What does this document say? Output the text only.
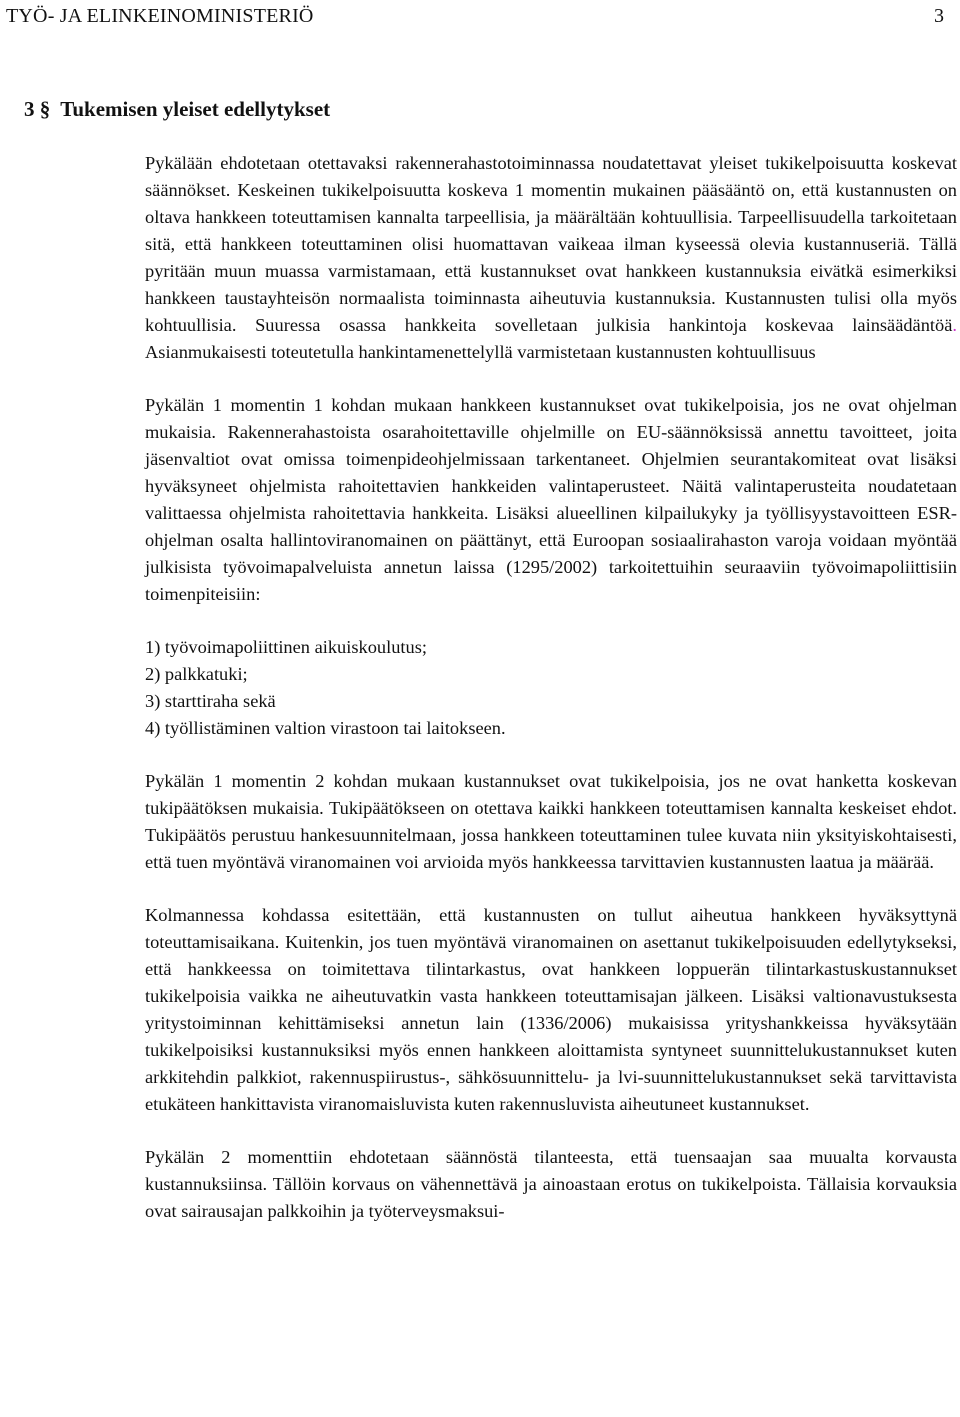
TYÖ- JA ELINKEINOMINISTERIÖ	3
3 § Tukemisen yleiset edellytykset

Pykälään ehdotetaan otettavaksi rakennerahastotoiminnassa noudatettavat yleiset tukikelpoisuutta koskevat säännökset. Keskeinen tukikelpoisuutta koskeva 1 momentin mukainen pääsääntö on, että kustannusten on oltava hankkeen toteuttamisen kannalta tarpeellisia, ja määrältään kohtuullisia. Tarpeellisuudella tarkoitetaan sitä, että hankkeen toteuttaminen olisi huomattavan vaikeaa ilman kyseessä olevia kustannuseriä. Tällä pyritään muun muassa varmistamaan, että kustannukset ovat hankkeen kustannuksia eivätkä esimerkiksi hankkeen taustayhteisön normaalista toiminnasta aiheutuvia kustannuksia. Kustannusten tulisi olla myös kohtuullisia. Suuressa osassa hankkeita sovelletaan julkisia hankintoja koskevaa lainsäädäntöä. Asianmukaisesti toteutetulla hankintamenettelyllä varmistetaan kustannusten kohtuullisuus

Pykälän 1 momentin 1 kohdan mukaan hankkeen kustannukset ovat tukikelpoisia, jos ne ovat ohjelman mukaisia. Rakennerahastoista osarahoitettaville ohjelmille on EU-säännöksissä annettu tavoitteet, joita jäsenvaltiot ovat omissa toimenpideohjelmissaan tarkentaneet. Ohjelmien seurantakomiteat ovat lisäksi hyväksyneet ohjelmista rahoitettavien hankkeiden valintaperusteet. Näitä valintaperusteita noudatetaan valittaessa ohjelmista rahoitettavia hankkeita. Lisäksi alueellinen kilpailukyky ja työllisyystavoitteen ESR-ohjelman osalta hallintoviranomainen on päättänyt, että Euroopan sosiaalirahaston varoja voidaan myöntää julkisista työvoimapalveluista annetun laissa (1295/2002) tarkoitettuihin seuraaviin työvoimapoliittisiin toimenpiteisiin:

1) työvoimapoliittinen aikuiskoulutus;
2) palkkatuki;
3) starttiraha sekä
4) työllistäminen valtion virastoon tai laitokseen.

Pykälän 1 momentin 2 kohdan mukaan kustannukset ovat tukikelpoisia, jos ne ovat hanketta koskevan tukipäätöksen mukaisia. Tukipäätökseen on otettava kaikki hankkeen toteuttamisen kannalta keskeiset ehdot. Tukipäätös perustuu hankesuunnitelmaan, jossa hankkeen toteuttaminen tulee kuvata niin yksityiskohtaisesti, että tuen myöntävä viranomainen voi arvioida myös hankkeessa tarvittavien kustannusten laatua ja määrää.

Kolmannessa kohdassa esitettään, että kustannusten on tullut aiheutua hankkeen hyväksyttynä toteuttamisaikana. Kuitenkin, jos tuen myöntävä viranomainen on asettanut tukikelpoisuuden edellytykseksi, että hankkeessa on toimitettava tilintarkastus, ovat hankkeen loppuerän tilintarkastuskustannukset tukikelpoisia vaikka ne aiheutuvatkin vasta hankkeen toteuttamisajan jälkeen. Lisäksi valtionavustuksesta yritystoiminnan kehittämiseksi annetun lain (1336/2006) mukaisissa yrityshankkeissa hyväksytään tukikelpoisiksi kustannuksiksi myös ennen hankkeen aloittamista syntyneet suunnittelukustannukset kuten arkkitehdin palkkiot, rakennuspiirustus-, sähkösuunnittelu- ja lvi-suunnittelukustannukset sekä tarvittavista etukäteen hankittavista viranomaisluvista kuten rakennusluvista aiheutuneet kustannukset.

Pykälän 2 momenttiin ehdotetaan säännöstä tilanteesta, että tuensaajan saa muualta korvausta kustannuksiinsa. Tällöin korvaus on vähennettävä ja ainoastaan erotus on tukikelpoista. Tällaisia korvauksia ovat sairausajan palkkoihin ja työterveysmaksui-
